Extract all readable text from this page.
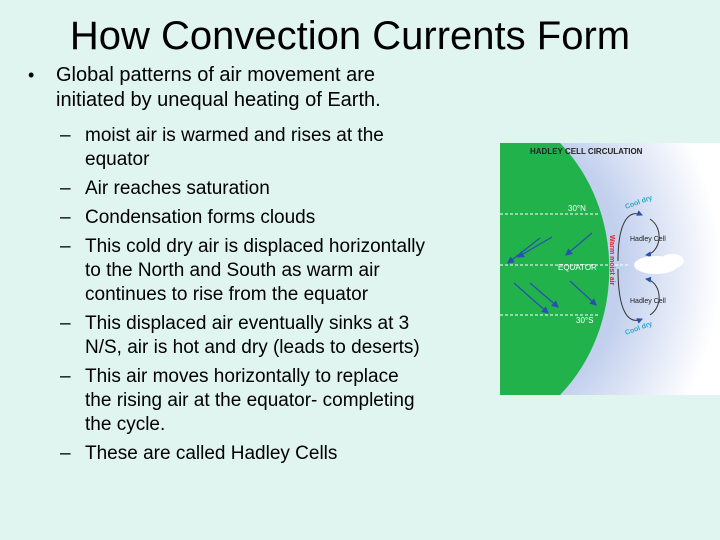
How Convection Currents Form
•	Global patterns of air movement are
initiated by unequal heating of Earth.
– moist air is warmed and rises at the
equator
– Air reaches saturation
– Condensation forms clouds
– This cold dry air is displaced horizontally
to the North and South as warm air
continues to rise from the equator
– This displaced air eventually sinks at 3
N/S, air is hot and dry (leads to deserts)
– This air moves horizontally to replace
the rising air at the equator- completing
the cycle.
– These are called Hadley Cells
HADLEY CELL CIRCULATION
30°N
EQUATOR
30°S
Hadley Cell
Hadley Cell
Warm moist air
Cool dry
Cool dry
